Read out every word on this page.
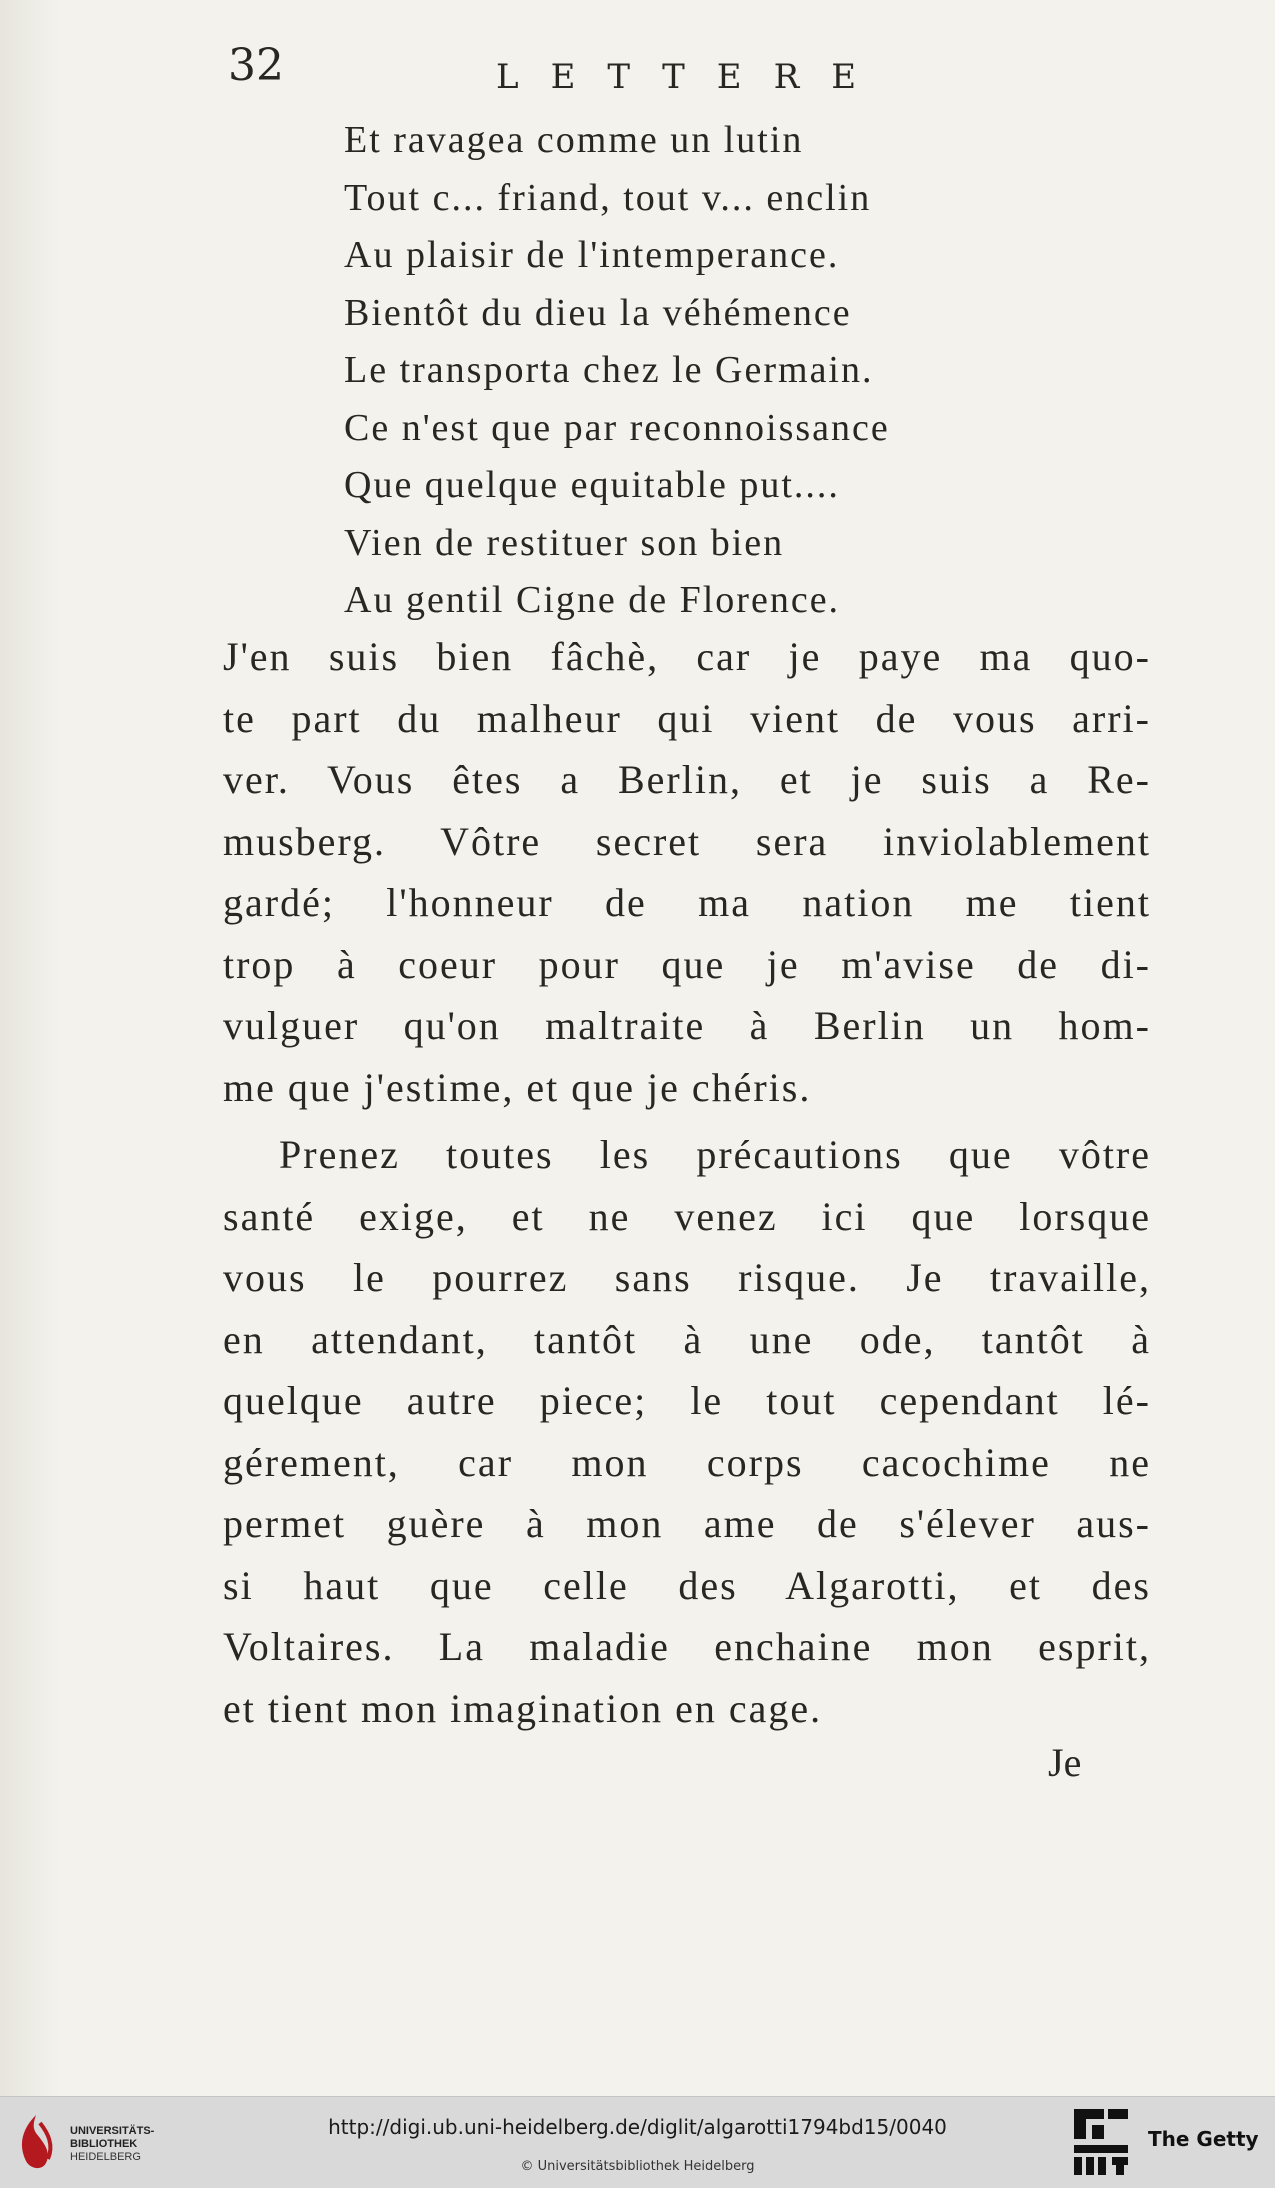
32	L E T T E R E

Et ravagea comme un lutin
Tout c... friand, tout v... enclin
Au plaisir de l'intemperance.
Bientôt du dieu la véhémence
Le transporta chez le Germain.
Ce n'est que par reconnoissance
Que quelque equitable put....
Vien de restituer son bien
Au gentil Cigne de Florence.
J'en suis bien fâchè, car je paye ma quo-
te part du malheur qui vient de vous arri-
ver. Vous êtes a Berlin, et je suis a Re-
musberg. Vôtre secret sera inviolablement
gardé; l'honneur de ma nation me tient
trop à coeur pour que je m'avise de di-
vulguer qu'on maltraite à Berlin un hom-
me que j'estime, et que je chéris.
Prenez toutes les précautions que vôtre
santé exige, et ne venez ici que lorsque
vous le pourrez sans risque. Je travaille,
en attendant, tantôt à une ode, tantôt à
quelque autre piece; le tout cependant lé-
gérement, car mon corps cacochime ne
permet guère à mon ame de s'élever aus-
si haut que celle des Algarotti, et des
Voltaires. La maladie enchaine mon esprit,
et tient mon imagination en cage.

Je

UNIVERSITÄTS-
BIBLIOTHEK
HEIDELBERG

http://digi.ub.uni-heidelberg.de/diglit/algarotti1794bd15/0040

© Universitätsbibliothek Heidelberg

The Getty
